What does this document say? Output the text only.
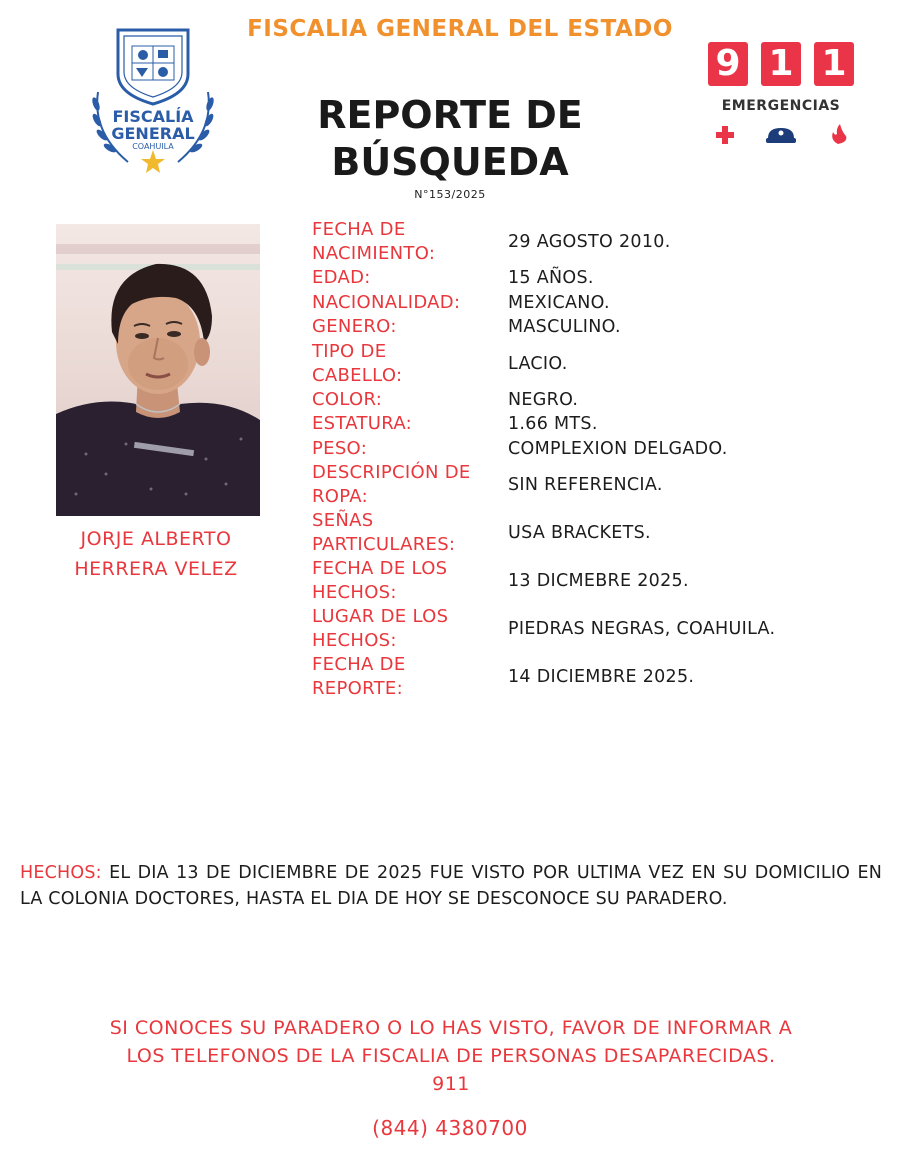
FISCALIA GENERAL DEL ESTADO
FISCALÍA
GENERAL
COAHUILA
REPORTE DE BÚSQUEDA
N°153/2025
9 1 1
EMERGENCIAS
JORJE ALBERTO
HERRERA VELEZ
FECHA DE
NACIMIENTO:	29 AGOSTO 2010.
EDAD:	15 AÑOS.
NACIONALIDAD:	MEXICANO.
GENERO:	MASCULINO.
TIPO DE
CABELLO:	LACIO.
COLOR:	NEGRO.
ESTATURA:	1.66 MTS.
PESO:	COMPLEXION DELGADO.
DESCRIPCIÓN DE
ROPA:	SIN REFERENCIA.
SEÑAS
PARTICULARES:	USA BRACKETS.
FECHA DE LOS
HECHOS:	13 DICMEBRE 2025.
LUGAR DE LOS
HECHOS:	PIEDRAS NEGRAS, COAHUILA.
FECHA DE
REPORTE:	14 DICIEMBRE 2025.
HECHOS: EL DIA 13 DE DICIEMBRE DE 2025 FUE VISTO POR ULTIMA VEZ EN SU DOMICILIO EN LA COLONIA DOCTORES, HASTA EL DIA DE HOY SE DESCONOCE SU PARADERO.
SI CONOCES SU PARADERO O LO HAS VISTO, FAVOR DE INFORMAR A
LOS TELEFONOS DE LA FISCALIA DE PERSONAS DESAPARECIDAS.
911
(844) 4380700
